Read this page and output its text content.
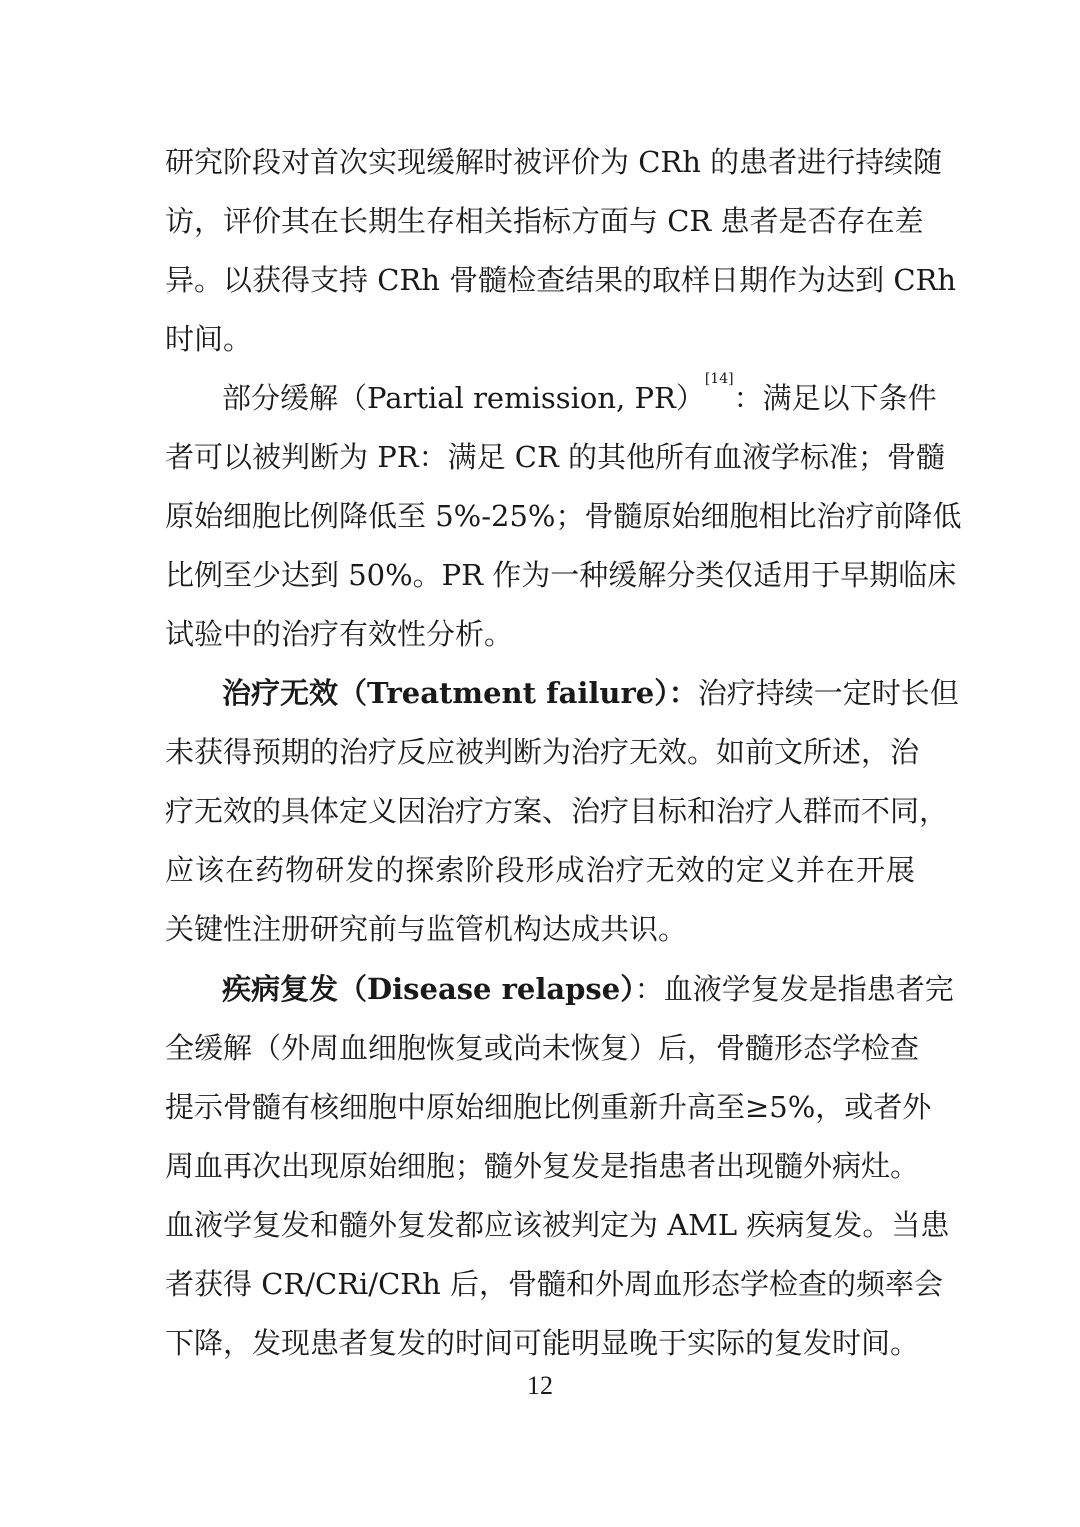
研究阶段对首次实现缓解时被评价为 CRh 的患者进行持续随
访，评价其在长期生存相关指标方面与 CR 患者是否存在差
异。以获得支持 CRh 骨髓检查结果的取样日期作为达到 CRh
时间。
部分缓解（Partial remission, PR）[14]：满足以下条件
者可以被判断为 PR：满足 CR 的其他所有血液学标准；骨髓
原始细胞比例降低至 5%-25%；骨髓原始细胞相比治疗前降低
比例至少达到 50%。PR 作为一种缓解分类仅适用于早期临床
试验中的治疗有效性分析。
治疗无效（Treatment failure）：治疗持续一定时长但
未获得预期的治疗反应被判断为治疗无效。如前文所述，治
疗无效的具体定义因治疗方案、治疗目标和治疗人群而不同，
应该在药物研发的探索阶段形成治疗无效的定义并在开展
关键性注册研究前与监管机构达成共识。
疾病复发（Disease relapse）：血液学复发是指患者完
全缓解（外周血细胞恢复或尚未恢复）后，骨髓形态学检查
提示骨髓有核细胞中原始细胞比例重新升高至≥5%，或者外
周血再次出现原始细胞；髓外复发是指患者出现髓外病灶。
血液学复发和髓外复发都应该被判定为 AML 疾病复发。当患
者获得 CR/CRi/CRh 后，骨髓和外周血形态学检查的频率会
下降，发现患者复发的时间可能明显晚于实际的复发时间。
12
